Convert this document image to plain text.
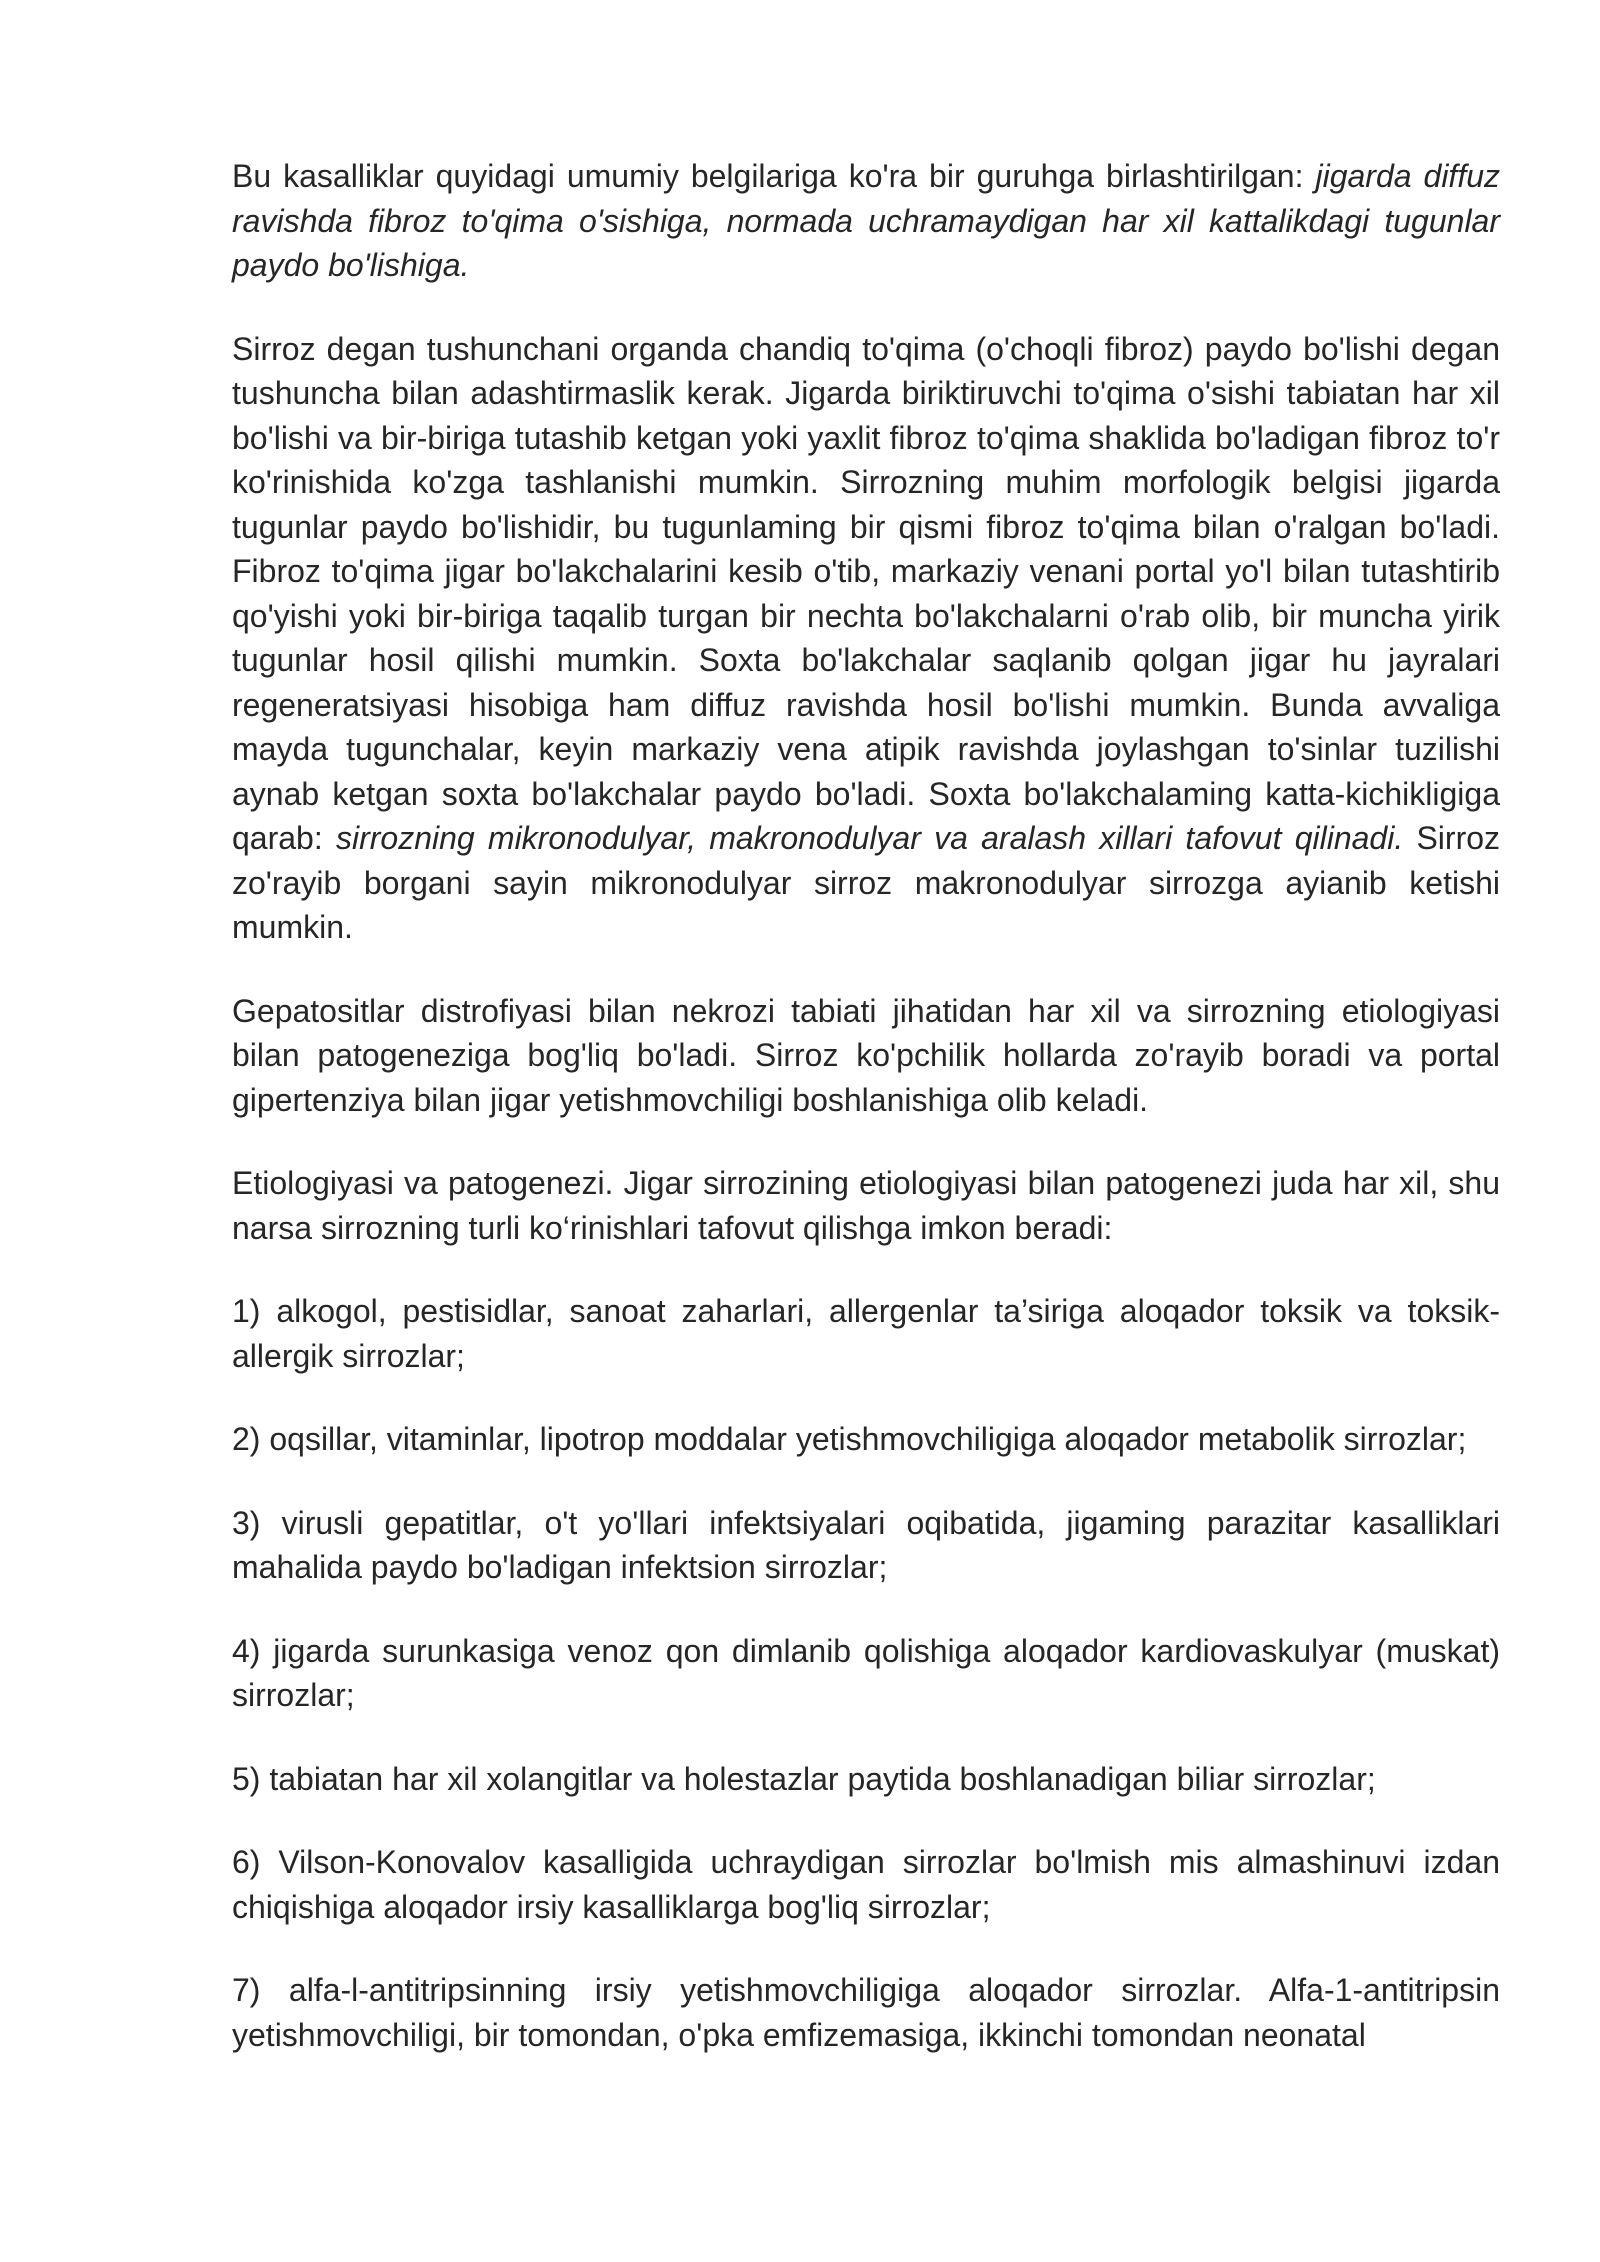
Bu kasalliklar quyidagi umumiy belgilariga ko'ra bir guruhga birlashtirilgan: jigarda diffuz ravishda fibroz to'qima o'sishiga, normada uchramaydigan har xil kattalikdagi tugunlar paydo bo'lishiga.

Sirroz degan tushunchani organda chandiq to'qima (o'choqli fibroz) paydo bo'lishi degan tushuncha bilan adashtirmaslik kerak. Jigarda biriktiruvchi to'qima o'sishi tabiatan har xil bo'lishi va bir-biriga tutashib ketgan yoki yaxlit fibroz to'qima shaklida bo'ladigan fibroz to'r ko'rinishida ko'zga tashlanishi mumkin. Sirrozning muhim morfologik belgisi jigarda tugunlar paydo bo'lishidir, bu tugunlaming bir qismi fibroz to'qima bilan o'ralgan bo'ladi. Fibroz to'qima jigar bo'lakchalarini kesib o'tib, markaziy venani portal yo'l bilan tutashtirib qo'yishi yoki bir-biriga taqalib turgan bir nechta bo'lakchalarni o'rab olib, bir muncha yirik tugunlar hosil qilishi mumkin. Soxta bo'lakchalar saqlanib qolgan jigar hu jayralari regeneratsiyasi hisobiga ham diffuz ravishda hosil bo'lishi mumkin. Bunda avvaliga mayda tugunchalar, keyin markaziy vena atipik ravishda joylashgan to'sinlar tuzilishi aynab ketgan soxta bo'lakchalar paydo bo'ladi. Soxta bo'lakchalaming katta-kichikligiga qarab: sirrozning mikronodulyar, makronodulyar va aralash xillari tafovut qilinadi. Sirroz zo'rayib borgani sayin mikronodulyar sirroz makronodulyar sirrozga ayianib ketishi mumkin.

Gepatositlar distrofiyasi bilan nekrozi tabiati jihatidan har xil va sirrozning etiologiyasi bilan patogeneziga bog'liq bo'ladi. Sirroz ko'pchilik hollarda zo'rayib boradi va portal gipertenziya bilan jigar yetishmovchiligi boshlanishiga olib keladi.

Etiologiyasi va patogenezi. Jigar sirrozining etiologiyasi bilan patogenezi juda har xil, shu narsa sirrozning turli ko‘rinishlari tafovut qilishga imkon beradi:

1) alkogol, pestisidlar, sanoat zaharlari, allergenlar ta’siriga aloqador toksik va toksik-allergik sirrozlar;

2) oqsillar, vitaminlar, lipotrop moddalar yetishmovchiligiga aloqador metabolik sirrozlar;

3) virusli gepatitlar, o't yo'llari infektsiyalari oqibatida, jigaming parazitar kasalliklari mahalida paydo bo'ladigan infektsion sirrozlar;

4) jigarda surunkasiga venoz qon dimlanib qolishiga aloqador kardiovaskulyar (muskat) sirrozlar;

5) tabiatan har xil xolangitlar va holestazlar paytida boshlanadigan biliar sirrozlar;

6) Vilson-Konovalov kasalligida uchraydigan sirrozlar bo'lmish mis almashinuvi izdan chiqishiga aloqador irsiy kasalliklarga bog'liq sirrozlar;

7) alfa-l-antitripsinning irsiy yetishmovchiligiga aloqador sirrozlar. Alfa-1-antitripsin yetishmovchiligi, bir tomondan, o'pka emfizemasiga, ikkinchi tomondan neonatal
